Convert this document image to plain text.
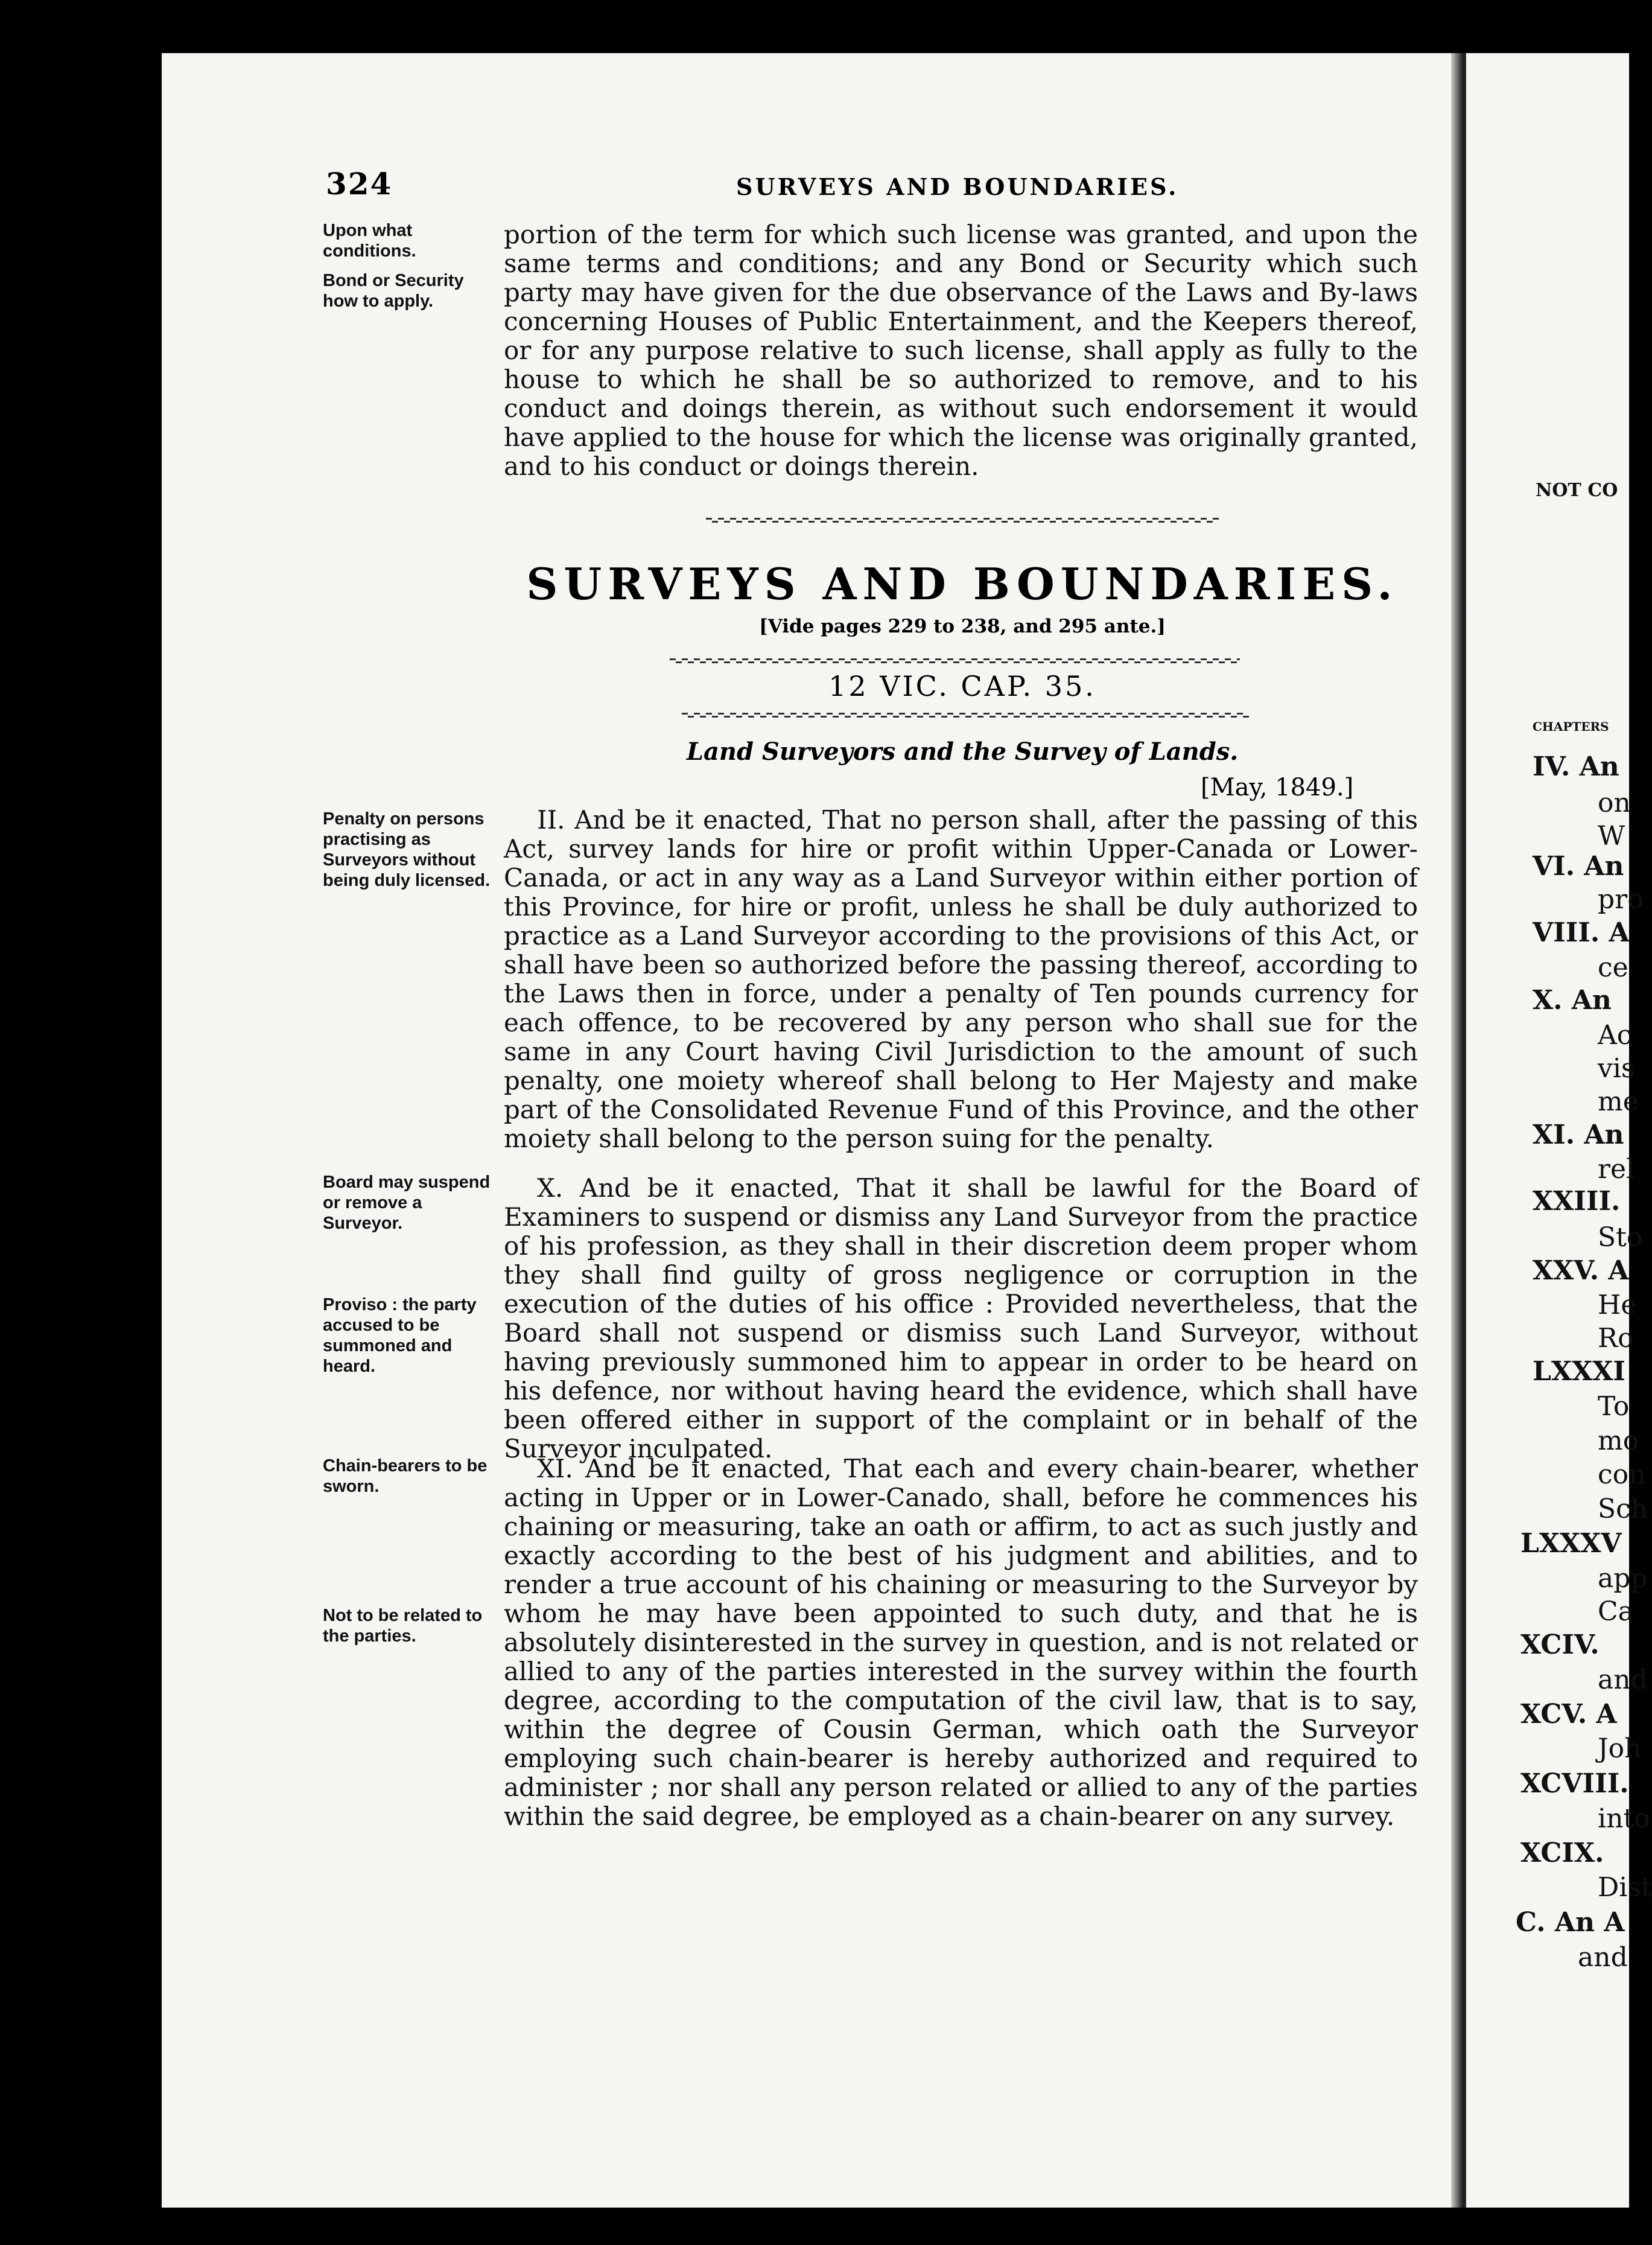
324	SURVEYS AND BOUNDARIES.
Upon what conditions.
Bond or Security how to apply.
portion of the term for which such license was granted, and upon the same terms and conditions; and any Bond or Security which such party may have given for the due observance of the Laws and By-laws concerning Houses of Public Entertainment, and the Keepers thereof, or for any purpose relative to such license, shall apply as fully to the house to which he shall be so authorized to remove, and to his conduct and doings therein, as without such endorsement it would have applied to the house for which the license was originally granted, and to his conduct or doings therein.
SURVEYS AND BOUNDARIES.
[Vide pages 229 to 238, and 295 ante.]
12 VIC. CAP. 35.
Land Surveyors and the Survey of Lands.
[May, 1849.]
Penalty on persons practising as Surveyors without being duly licensed.
II. And be it enacted, That no person shall, after the passing of this Act, survey lands for hire or profit within Upper-Canada or Lower-Canada, or act in any way as a Land Surveyor within either portion of this Province, for hire or profit, unless he shall be duly authorized to practice as a Land Surveyor according to the provisions of this Act, or shall have been so authorized before the passing thereof, according to the Laws then in force, under a penalty of Ten pounds currency for each offence, to be recovered by any person who shall sue for the same in any Court having Civil Jurisdiction to the amount of such penalty, one moiety whereof shall belong to Her Majesty and make part of the Consolidated Revenue Fund of this Province, and the other moiety shall belong to the person suing for the penalty.
Board may suspend or remove a Surveyor.
Proviso : the party accused to be summoned and heard.
X. And be it enacted, That it shall be lawful for the Board of Examiners to suspend or dismiss any Land Surveyor from the practice of his profession, as they shall in their discretion deem proper whom they shall find guilty of gross negligence or corruption in the execution of the duties of his office : Provided nevertheless, that the Board shall not suspend or dismiss such Land Surveyor, without having previously summoned him to appear in order to be heard on his defence, nor without having heard the evidence, which shall have been offered either in support of the complaint or in behalf of the Surveyor inculpated.
Chain-bearers to be sworn.
Not to be related to the parties.
XI. And be it enacted, That each and every chain-bearer, whether acting in Upper or in Lower-Canado, shall, before he commences his chaining or measuring, take an oath or affirm, to act as such justly and exactly according to the best of his judgment and abilities, and to render a true account of his chaining or measuring to the Surveyor by whom he may have been appointed to such duty, and that he is absolutely disinterested in the survey in question, and is not related or allied to any of the parties interested in the survey within the fourth degree, according to the computation of the civil law, that is to say, within the degree of Cousin German, which oath the Surveyor employing such chain-bearer is hereby authorized and required to administer ; nor shall any person related or allied to any of the parties within the said degree, be employed as a chain-bearer on any survey.
NOT CO
CHAPTERS
IV. An
on
W
VI. An
pro
VIII. A
ce
X. An
Ac
vis
me
XI. An
rel
XXIII.
Sto
XXV. A
He
Ro
LXXXI
To
mo
con
Sch
LXXXV
app
Ca
XCIV.
and
XCV. A
Joh
XCVIII.
into
XCIX.
Dist
C. An A
and
